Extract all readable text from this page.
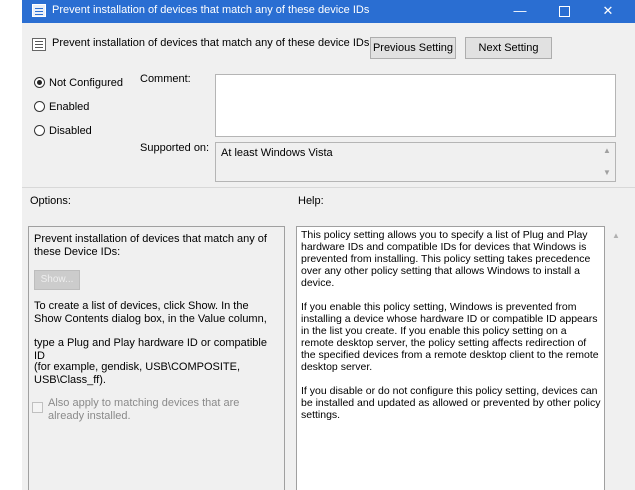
Prevent installation of devices that match any of these device IDs	—	✕
Prevent installation of devices that match any of these device IDs Previous Setting	Next Setting
Not Configured
Enabled
Disabled
Comment:
Supported on: At least Windows Vista	▲
▼
Options:	Help:
Prevent installation of devices that match any of these Device IDs:
Show...
To create a list of devices, click Show. In the Show Contents dialog box, in the Value column,
type a Plug and Play hardware ID or compatible ID
(for example, gendisk, USB\COMPOSITE, USB\Class_ff).
Also apply to matching devices that are already installed.

This policy setting allows you to specify a list of Plug and Play hardware IDs and compatible IDs for devices that Windows is prevented from installing. This policy setting takes precedence over any other policy setting that allows Windows to install a device.

If you enable this policy setting, Windows is prevented from installing a device whose hardware ID or compatible ID appears in the list you create. If you enable this policy setting on a remote desktop server, the policy setting affects redirection of the specified devices from a remote desktop client to the remote desktop server.

If you disable or do not configure this policy setting, devices can be installed and updated as allowed or prevented by other policy settings.

▲
